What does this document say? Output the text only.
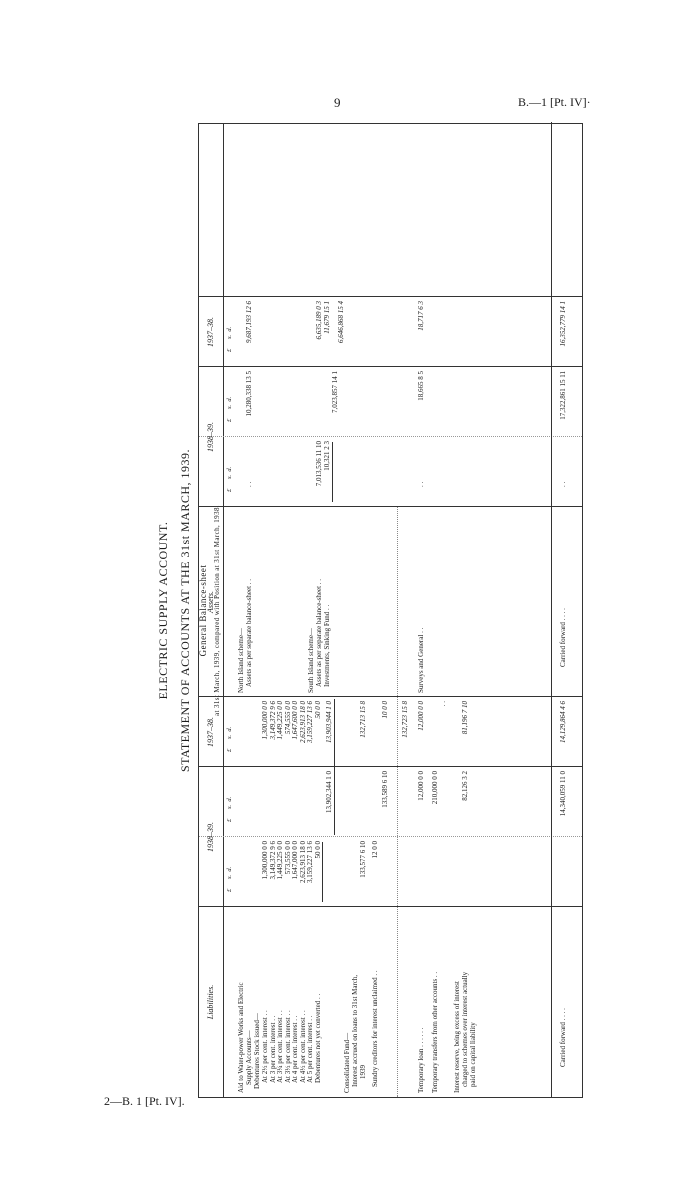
9	B.—1 [Pt. IV]·
2—B. 1 [Pt. IV].
ELECTRIC SUPPLY ACCOUNT. STATEMENT OF ACCOUNTS AT THE 31st MARCH, 1939. General Balance-sheet at 31st March, 1939, compared with Position at 31st March, 1938.
Liabilities.
1938–39.
1937–38.
Assets.
1938–39.
1937–38.
£      s.  d.
£      s.  d.
£      s.  d.
£      s.  d.
£      s.  d.
£      s.  d.
Aid to Water-power Works and Electric Supply Accounts— Debentures Stock issued— At 2½ per cent. interest . .
1,300,000 0 0
1,300,000 0 0
At 3 per cent. interest . .
3,149,372 9 6
3,149,372 9 6
At 3¼ per cent. interest . .
1,449,225 0 0
1,449,225 0 0
At 3½ per cent. interest . .
573,555 0 0
574,555 0 0
At 4 per cent. interest . .
1,647,000 0 0
1,647,600 0 0
At 4½ per cent. interest . .
2,623,913 18 0
2,623,913 18 0
At 5 per cent. interest . .
3,159,227 13 6
3,159,227 13 6
Debentures not yet converted . .
50 0 0
50 0 0
13,902,344 1 0
13,903,944 1 0
Consolidated Fund— Interest accrued on loans to 31st March, 1939
133,577 6 10
132,713 15 8
Sundry creditors for interest unclaimed . .
12 0 0
10 0 0
133,589 6 10
132,723 15 8
Temporary loan . . . . . .
12,000 0 0
12,000 0 0
Temporary transfers from other accounts . .
210,000 0 0
. .
Interest reserve, being excess of interest charged to schemes over interest actually paid on capital liability
82,126 3 2
81,196 7 10
Carried forward . . . .
14,340,059 11 0
14,129,864 4 6
North Island scheme— Assets as per separate balance-sheet . .
. .
10,280,338 13 5
9,687,193 12 6
South Island scheme— Assets as per separate balance-sheet . . Investments, Sinking Fund . .
7,013,536 11 10 10,321 2 3
7,023,857 14 1
6,635,189 0 3 11,679 15 1 6,646,868 15 4
Surveys and General . .
. .
18,665 8 5
18,717 6 3
Carried forward . . . .
. .
17,322,861 15 11
16,352,779 14 1
